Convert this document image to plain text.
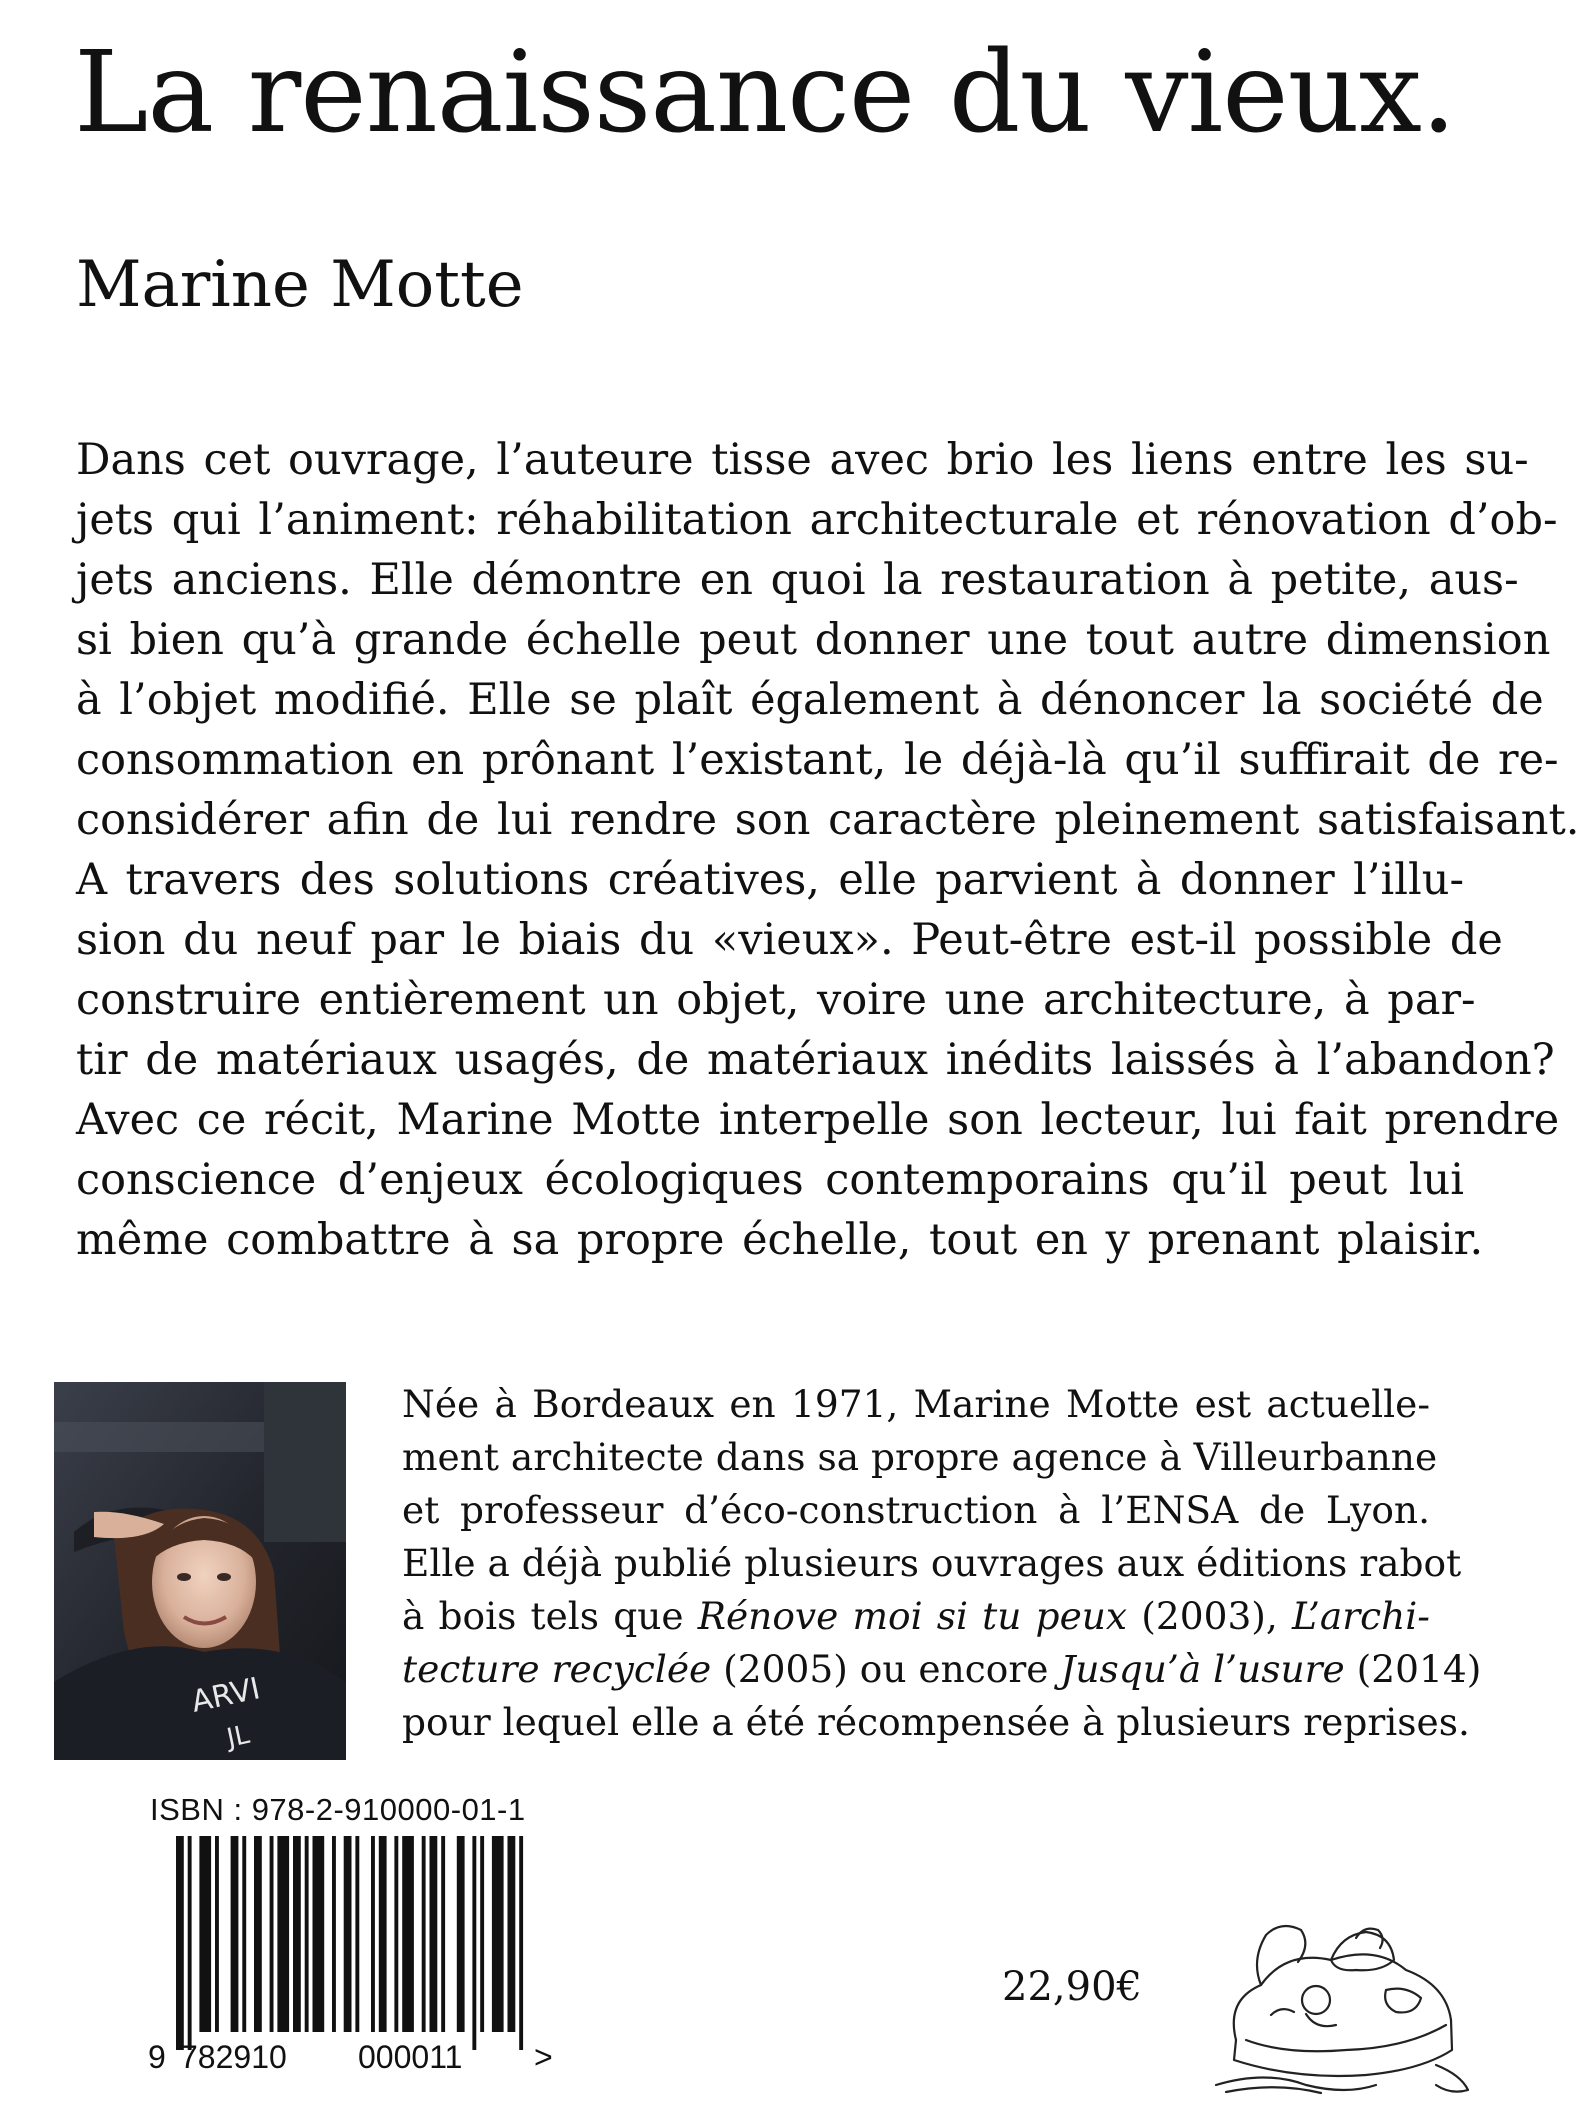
La renaissance du vieux.
Marine Motte
Dans cet ouvrage, l’auteure tisse avec brio les liens entre les su-
jets qui l’animent: réhabilitation architecturale et rénovation d’ob-
jets anciens. Elle démontre en quoi la restauration à petite, aus-
si bien qu’à grande échelle peut donner une tout autre dimension
à l’objet modifié. Elle se plaît également à dénoncer la société de
consommation en prônant l’existant, le déjà-là qu’il suffirait de re-
considérer afin de lui rendre son caractère pleinement satisfaisant.
A travers des solutions créatives, elle parvient à donner l’illu-
sion du neuf par le biais du «vieux». Peut-être est-il possible de
construire entièrement un objet, voire une architecture, à par-
tir de matériaux usagés, de matériaux inédits laissés à l’abandon?
Avec ce récit, Marine Motte interpelle son lecteur, lui fait prendre
conscience d’enjeux écologiques contemporains qu’il peut lui
même combattre à sa propre échelle, tout en y prenant plaisir.
ARVI
JL
Née à Bordeaux en 1971, Marine Motte est actuelle-
ment architecte dans sa propre agence à Villeurbanne
et professeur d’éco-construction à l’ENSA de Lyon.
Elle a déjà publié plusieurs ouvrages aux éditions rabot
à bois tels que Rénove moi si tu peux (2003), L’archi-
tecture recyclée (2005) ou encore Jusqu’à l’usure (2014)
pour lequel elle a été récompensée à plusieurs reprises.
ISBN : 978-2-910000-01-1
9 782910 000011 >
22,90€
